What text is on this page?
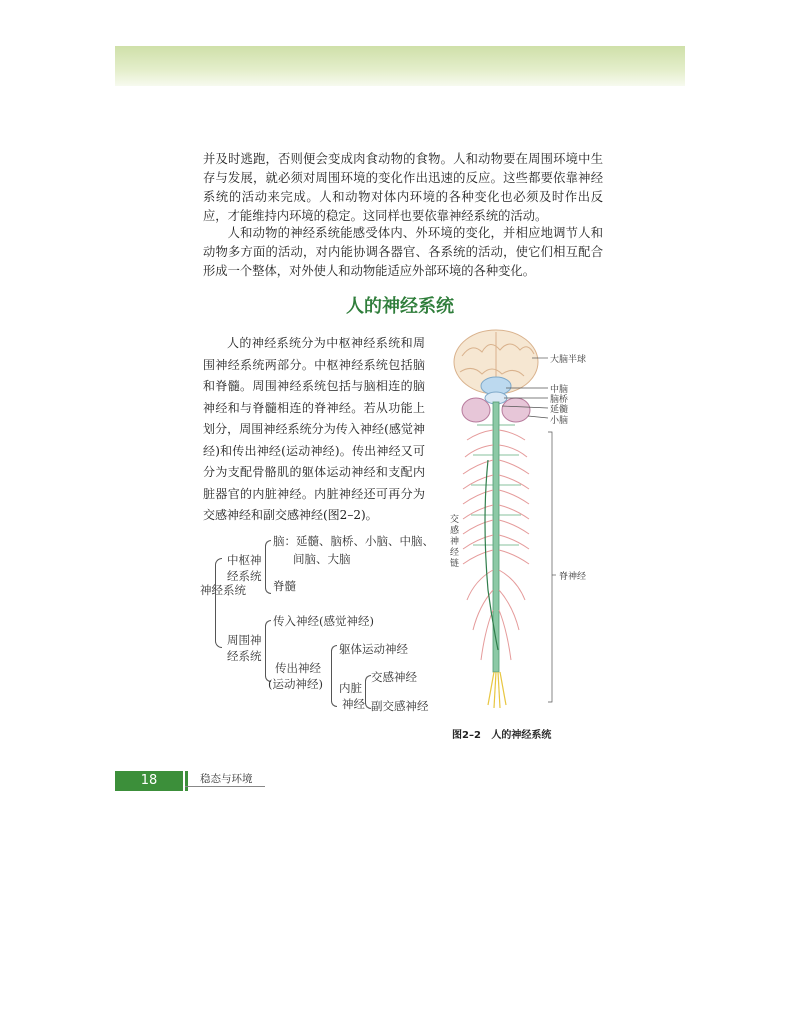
并及时逃跑，否则便会变成肉食动物的食物。人和动物要在周围环境中生存与发展，就必须对周围环境的变化作出迅速的反应。这些都要依靠神经系统的活动来完成。人和动物对体内环境的各种变化也必须及时作出反应，才能维持内环境的稳定。这同样也要依靠神经系统的活动。

人和动物的神经系统能感受体内、外环境的变化，并相应地调节人和动物多方面的活动，对内能协调各器官、各系统的活动，使它们相互配合形成一个整体，对外使人和动物能适应外部环境的各种变化。

人的神经系统

人的神经系统分为中枢神经系统和周围神经系统两部分。中枢神经系统包括脑和脊髓。周围神经系统包括与脑相连的脑神经和与脊髓相连的脊神经。若从功能上划分，周围神经系统分为传入神经(感觉神经)和传出神经(运动神经)。传出神经又可分为支配骨骼肌的躯体运动神经和支配内脏器官的内脏神经。内脏神经还可再分为交感神经和副交感神经(图2–2)。

神经系统
中枢神
经系统
脑：延髓、脑桥、小脑、中脑、
间脑、大脑
脊髓
周围神
经系统
传入神经(感觉神经)
传出神经
(运动神经)
躯体运动神经
内脏
神经
交感神经
副交感神经
大脑半球
中脑
脑桥
延髓
小脑
脊神经
交感神经链
图2–2 人的神经系统
18	稳态与环境
